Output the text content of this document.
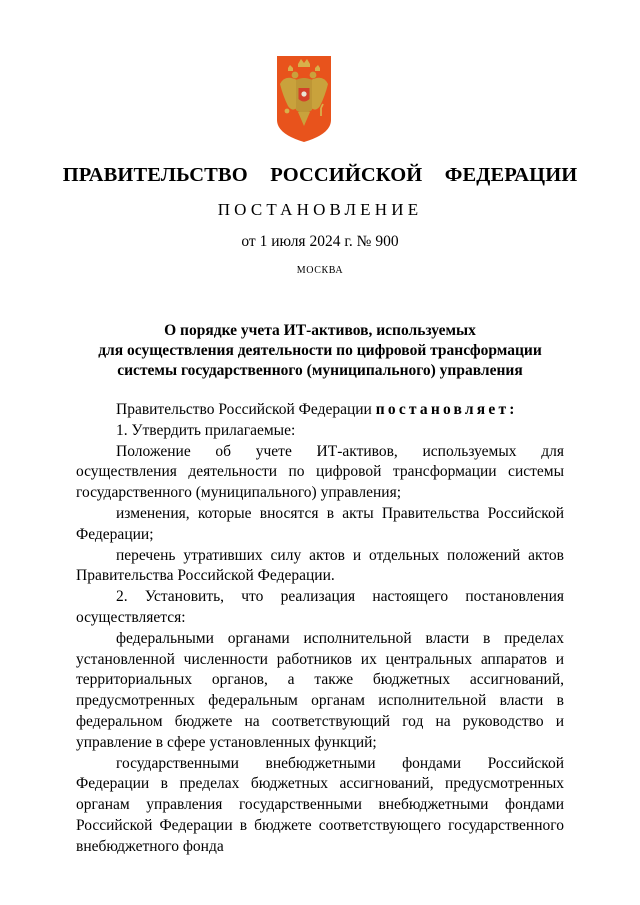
ПРАВИТЕЛЬСТВО  РОССИЙСКОЙ  ФЕДЕРАЦИИ
ПОСТАНОВЛЕНИЕ
от 1 июля 2024 г. № 900
МОСКВА
О порядке учета ИТ-активов, используемых
для осуществления деятельности по цифровой трансформации
системы государственного (муниципального) управления

Правительство Российской Федерации постановляет:

1. Утвердить прилагаемые:

Положение об учете ИТ-активов, используемых для осуществления деятельности по цифровой трансформации системы государственного (муниципального) управления;

изменения, которые вносятся в акты Правительства Российской Федерации;

перечень утративших силу актов и отдельных положений актов Правительства Российской Федерации.

2. Установить, что реализация настоящего постановления осуществляется:

федеральными органами исполнительной власти в пределах установленной численности работников их центральных аппаратов и территориальных органов, а также бюджетных ассигнований, предусмотренных федеральным органам исполнительной власти в федеральном бюджете на соответствующий год на руководство и управление в сфере установленных функций;

государственными внебюджетными фондами Российской Федерации в пределах бюджетных ассигнований, предусмотренных органам управления государственными внебюджетными фондами Российской Федерации в бюджете соответствующего государственного внебюджетного фонда
